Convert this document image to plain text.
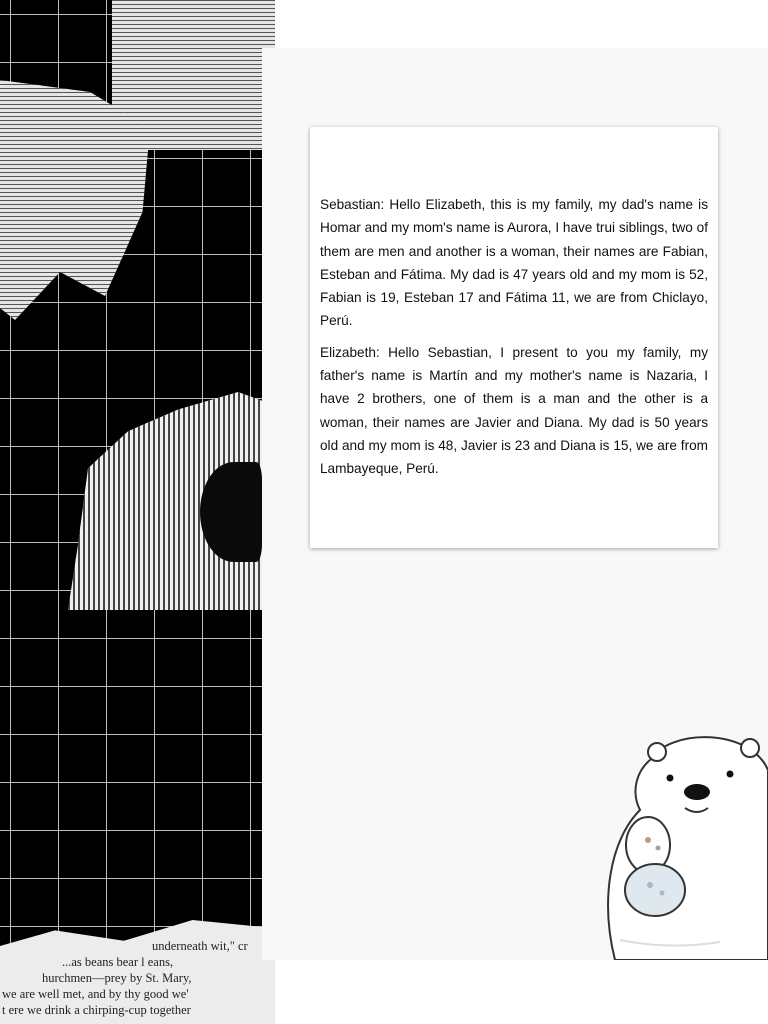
underneath wit," cr
...as beans bear l eans,
hurchmen—prey by St. Mary,
we are well met, and by thy good we'
t ere we drink a chirping-cup together

Sebastian: Hello Elizabeth, this is my family, my dad's name is Homar and my mom's name is Aurora, I have trui siblings, two of them are men and another is a woman, their names are Fabian, Esteban and Fátima. My dad is 47 years old and my mom is 52, Fabian is 19, Esteban 17 and Fátima 11, we are from Chiclayo, Perú.

Elizabeth: Hello Sebastian, I present to you my family, my father's name is Martín and my mother's name is Nazaria, I have 2 brothers, one of them is a man and the other is a woman, their names are Javier and Diana. My dad is 50 years old and my mom is 48, Javier is 23 and Diana is 15, we are from Lambayeque, Perú.
